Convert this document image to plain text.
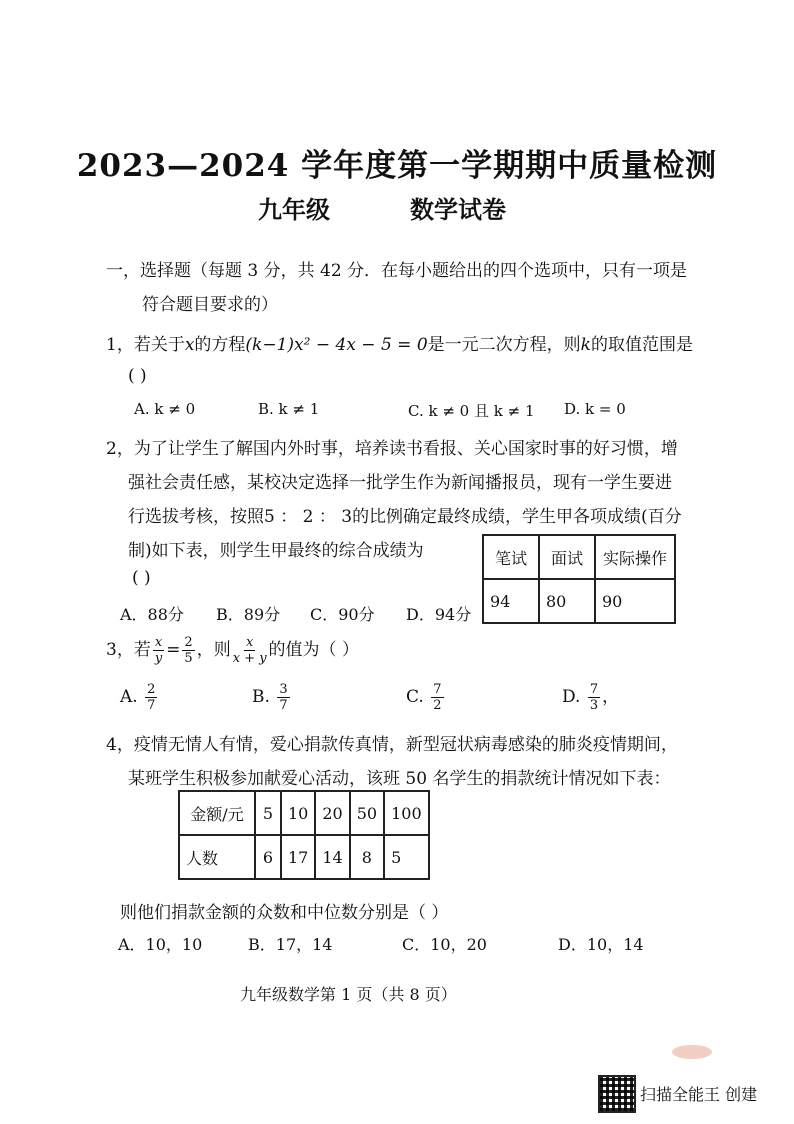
2023—2024 学年度第一学期期中质量检测
九年级	数学试卷
一，选择题（每题 3 分，共 42 分．在每小题给出的四个选项中，只有一项是
符合题目要求的）
1，若关于x的方程(k−1)x² − 4x − 5 = 0是一元二次方程，则k的取值范围是
( )
A. k ≠ 0	B. k ≠ 1	C. k ≠ 0 且 k ≠ 1 D. k = 0
2，为了让学生了解国内外时事，培养读书看报、关心国家时事的好习惯，增
强社会责任感，某校决定选择一批学生作为新闻播报员，现有一学生要进
行选拔考核，按照5 ： 2 ： 3的比例确定最终成绩，学生甲各项成绩(百分
制)如下表，则学生甲最终的综合成绩为
( )
A．88分 B．89分 C．90分 D．94分
笔试	面试	实际操作
94	80	90
3，若 $\frac{x}{y} = \frac{2}{5}$ ，则 $\frac{x}{x + y}$ 的值为（ ）
A. $\frac{2}{7}$	B. $\frac{3}{7}$	C. $\frac{7}{2}$	D. $\frac{7}{3}$ ，
4，疫情无情人有情，爱心捐款传真情，新型冠状病毒感染的肺炎疫情期间，
某班学生积极参加献爱心活动，该班 50 名学生的捐款统计情况如下表：
金额/元	5	10	20	50	100
人数	6	17	14	8	5
则他们捐款金额的众数和中位数分别是（ ）
A．10，10	B．17，14	C．10，20	D．10，14
九年级数学第 1 页（共 8 页）
扫描全能王 创建
